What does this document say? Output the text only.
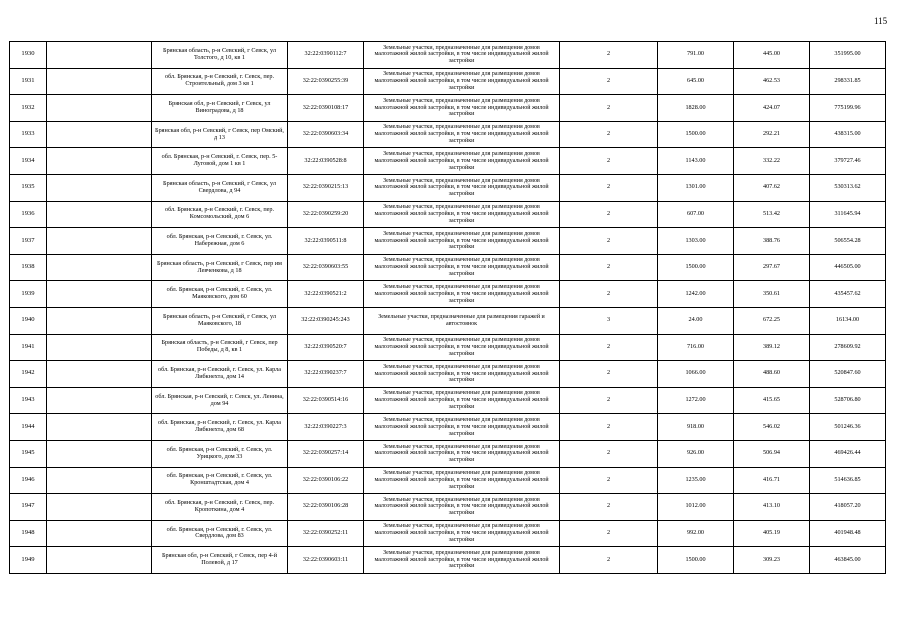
115
1930		Брянская область, р-н Севский, г Севск, ул Толстого, д 10, кв 1	32:22:0390112:7	Земельные участки, предназначенные для размещения домов малоэтажной жилой застройки, в том числе индивидуальной жилой застройки	2	791.00	445.00	351995.00
1931		обл. Брянская, р-н Севский, г. Севск, пер. Строительный, дом 3 кв 1	32:22:0390255:39	Земельные участки, предназначенные для размещения домов малоэтажной жилой застройки, в том числе индивидуальной жилой застройки	2	645.00	462.53	298331.85
1932		Брянская обл, р-н Севский, г Севск, ул Виноградова, д 18	32:22:0390108:17	Земельные участки, предназначенные для размещения домов малоэтажной жилой застройки, в том числе индивидуальной жилой застройки	2	1828.00	424.07	775199.96
1933		Брянская обл, р-н Севский, г Севск, пер Омский, д 13	32:22:0390603:34	Земельные участки, предназначенные для размещения домов малоэтажной жилой застройки, в том числе индивидуальной жилой застройки	2	1500.00	292.21	438315.00
1934		обл. Брянская, р-н Севский, г. Севск, пер. 5-Луговой, дом 1 кв 1	32:22:0390528:8	Земельные участки, предназначенные для размещения домов малоэтажной жилой застройки, в том числе индивидуальной жилой застройки	2	1143.00	332.22	379727.46
1935		Брянская область, р-н Севский, г Севск, ул Свердлова, д 94	32:22:0390215:13	Земельные участки, предназначенные для размещения домов малоэтажной жилой застройки, в том числе индивидуальной жилой застройки	2	1301.00	407.62	530313.62
1936		обл. Брянская, р-н Севский, г. Севск, пер. Комсомольский, дом 6	32:22:0390259:20	Земельные участки, предназначенные для размещения домов малоэтажной жилой застройки, в том числе индивидуальной жилой застройки	2	607.00	513.42	311645.94
1937		обл. Брянская, р-н Севский, г. Севск, ул. Набережная, дом 6	32:22:0390511:8	Земельные участки, предназначенные для размещения домов малоэтажной жилой застройки, в том числе индивидуальной жилой застройки	2	1303.00	388.76	506554.28
1938		Брянская область, р-н Севский, г Севск, пер им Левченкова, д 18	32:22:0390603:55	Земельные участки, предназначенные для размещения домов малоэтажной жилой застройки, в том числе индивидуальной жилой застройки	2	1500.00	297.67	446505.00
1939		обл. Брянская, р-н Севский, г. Севск, ул. Маяковского, дом 60	32:22:0390521:2	Земельные участки, предназначенные для размещения домов малоэтажной жилой застройки, в том числе индивидуальной жилой застройки	2	1242.00	350.61	435457.62
1940		Брянская область, р-н Севский, г Севск, ул Маяковского, 18	32:22:0390245:243	Земельные участки, предназначенные для размещения гаражей и автостоянок	3	24.00	672.25	16134.00
1941		Брянская область, р-н Севский, г Севск, пер Победы, д 8, кв 1	32:22:0390520:7	Земельные участки, предназначенные для размещения домов малоэтажной жилой застройки, в том числе индивидуальной жилой застройки	2	716.00	389.12	278609.92
1942		обл. Брянская, р-н Севский, г. Севск, ул. Карла Либкнехта, дом 14	32:22:0390237:7	Земельные участки, предназначенные для размещения домов малоэтажной жилой застройки, в том числе индивидуальной жилой застройки	2	1066.00	488.60	520847.60
1943		обл. Брянская, р-н Севский, г. Севск, ул. Ленина, дом 94	32:22:0390514:16	Земельные участки, предназначенные для размещения домов малоэтажной жилой застройки, в том числе индивидуальной жилой застройки	2	1272.00	415.65	528706.80
1944		обл. Брянская, р-н Севский, г. Севск, ул. Карла Либкнехта, дом 68	32:22:0390227:3	Земельные участки, предназначенные для размещения домов малоэтажной жилой застройки, в том числе индивидуальной жилой застройки	2	918.00	546.02	501246.36
1945		обл. Брянская, р-н Севский, г. Севск, ул. Урицкого, дом 33	32:22:0390257:14	Земельные участки, предназначенные для размещения домов малоэтажной жилой застройки, в том числе индивидуальной жилой застройки	2	926.00	506.94	469426.44
1946		обл. Брянская, р-н Севский, г. Севск, ул. Кронштадтская, дом 4	32:22:0390106:22	Земельные участки, предназначенные для размещения домов малоэтажной жилой застройки, в том числе индивидуальной жилой застройки	2	1235.00	416.71	514636.85
1947		обл. Брянская, р-н Севский, г. Севск, пер. Кропоткина, дом 4	32:22:0390106:28	Земельные участки, предназначенные для размещения домов малоэтажной жилой застройки, в том числе индивидуальной жилой застройки	2	1012.00	413.10	418057.20
1948		обл. Брянская, р-н Севский, г. Севск, ул. Свердлова, дом 83	32:22:0390252:11	Земельные участки, предназначенные для размещения домов малоэтажной жилой застройки, в том числе индивидуальной жилой застройки	2	992.00	405.19	401948.48
1949		Брянская обл, р-н Севский, г Севск, пер 4-й Полевой, д 17	32:22:0390603:11	Земельные участки, предназначенные для размещения домов малоэтажной жилой застройки, в том числе индивидуальной жилой застройки	2	1500.00	309.23	463845.00
